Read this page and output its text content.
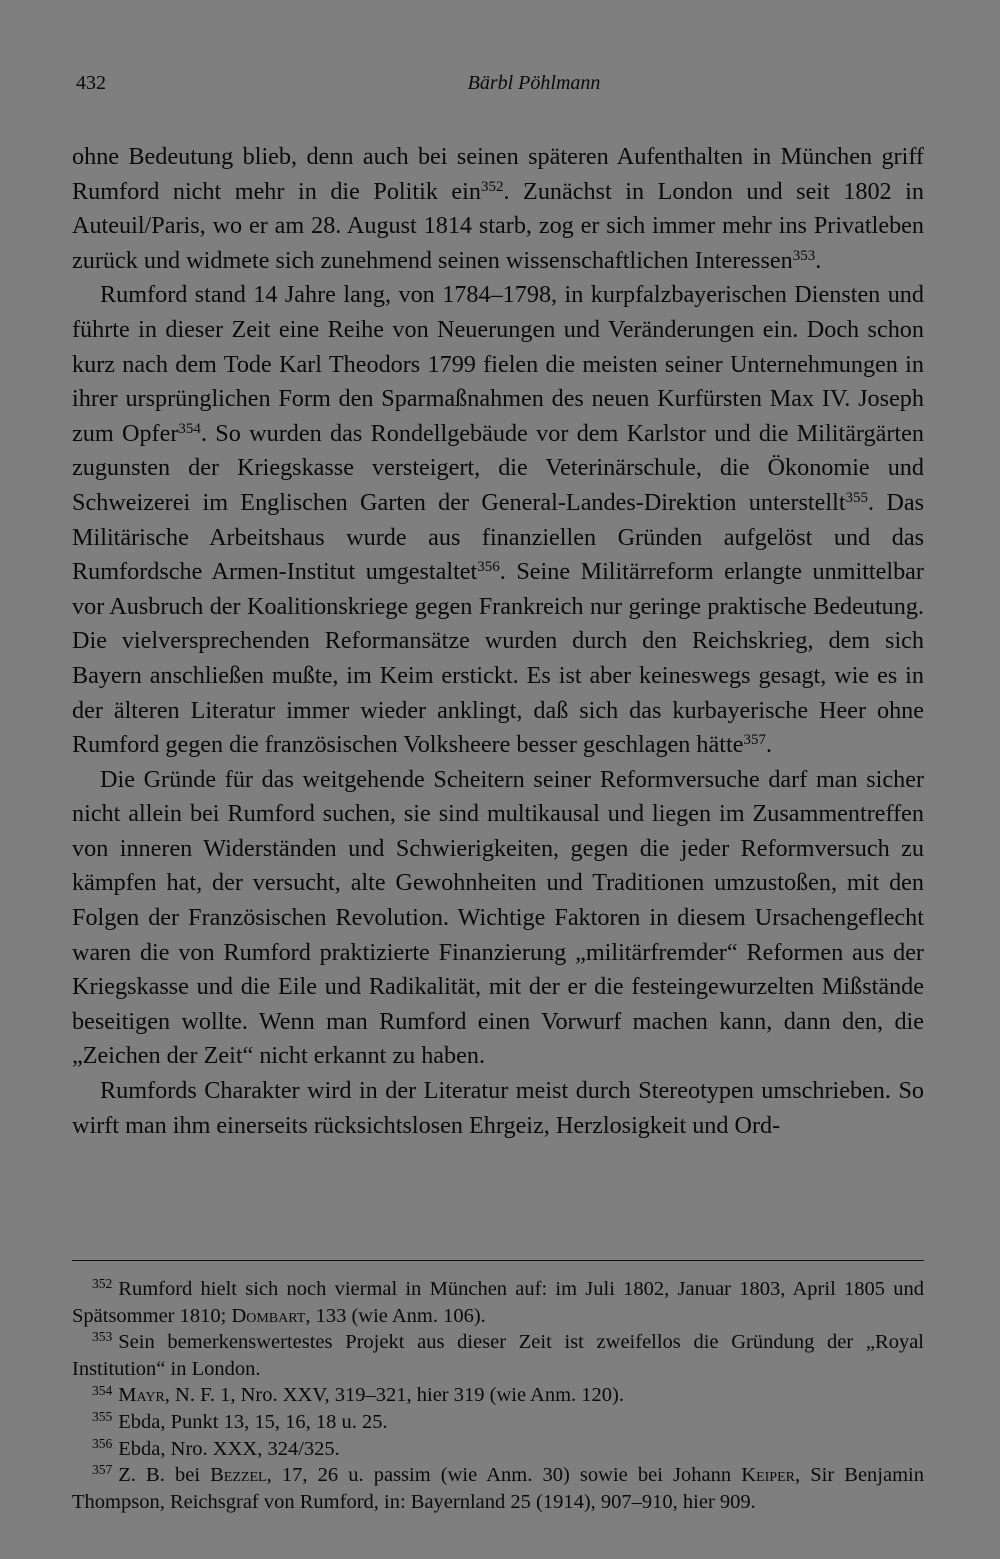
432	Bärbl Pöhlmann

ohne Bedeutung blieb, denn auch bei seinen späteren Aufenthalten in München griff Rumford nicht mehr in die Politik ein$^{352}$. Zunächst in London und seit 1802 in Auteuil/Paris, wo er am 28. August 1814 starb, zog er sich immer mehr ins Privatleben zurück und widmete sich zunehmend seinen wissenschaftlichen Interessen$^{353}$.

Rumford stand 14 Jahre lang, von 1784–1798, in kurpfalzbayerischen Diensten und führte in dieser Zeit eine Reihe von Neuerungen und Veränderungen ein. Doch schon kurz nach dem Tode Karl Theodors 1799 fielen die meisten seiner Unternehmungen in ihrer ursprünglichen Form den Sparmaßnahmen des neuen Kurfürsten Max IV. Joseph zum Opfer$^{354}$. So wurden das Rondellgebäude vor dem Karlstor und die Militärgärten zugunsten der Kriegskasse versteigert, die Veterinärschule, die Ökonomie und Schweizerei im Englischen Garten der General-Landes-Direktion unterstellt$^{355}$. Das Militärische Arbeitshaus wurde aus finanziellen Gründen aufgelöst und das Rumfordsche Armen-Institut umgestaltet$^{356}$. Seine Militärreform erlangte unmittelbar vor Ausbruch der Koalitionskriege gegen Frankreich nur geringe praktische Bedeutung. Die vielversprechenden Reformansätze wurden durch den Reichskrieg, dem sich Bayern anschließen mußte, im Keim erstickt. Es ist aber keineswegs gesagt, wie es in der älteren Literatur immer wieder anklingt, daß sich das kurbayerische Heer ohne Rumford gegen die französischen Volksheere besser geschlagen hätte$^{357}$.

Die Gründe für das weitgehende Scheitern seiner Reformversuche darf man sicher nicht allein bei Rumford suchen, sie sind multikausal und liegen im Zusammentreffen von inneren Widerständen und Schwierigkeiten, gegen die jeder Reformversuch zu kämpfen hat, der versucht, alte Gewohnheiten und Traditionen umzustoßen, mit den Folgen der Französischen Revolution. Wichtige Faktoren in diesem Ursachengeflecht waren die von Rumford praktizierte Finanzierung „militärfremder“ Reformen aus der Kriegskasse und die Eile und Radikalität, mit der er die festeingewurzelten Mißstände beseitigen wollte. Wenn man Rumford einen Vorwurf machen kann, dann den, die „Zeichen der Zeit“ nicht erkannt zu haben.

Rumfords Charakter wird in der Literatur meist durch Stereotypen umschrieben. So wirft man ihm einerseits rücksichtslosen Ehrgeiz, Herzlosigkeit und Ord-

$^{352}$ Rumford hielt sich noch viermal in München auf: im Juli 1802, Januar 1803, April 1805 und Spätsommer 1810; Dombart, 133 (wie Anm. 106).

$^{353}$ Sein bemerkenswertestes Projekt aus dieser Zeit ist zweifellos die Gründung der „Royal Institution“ in London.

$^{354}$ Mayr, N. F. 1, Nro. XXV, 319–321, hier 319 (wie Anm. 120).

$^{355}$ Ebda, Punkt 13, 15, 16, 18 u. 25.

$^{356}$ Ebda, Nro. XXX, 324/325.

$^{357}$ Z. B. bei Bezzel, 17, 26 u. passim (wie Anm. 30) sowie bei Johann Keiper, Sir Benjamin Thompson, Reichsgraf von Rumford, in: Bayernland 25 (1914), 907–910, hier 909.
